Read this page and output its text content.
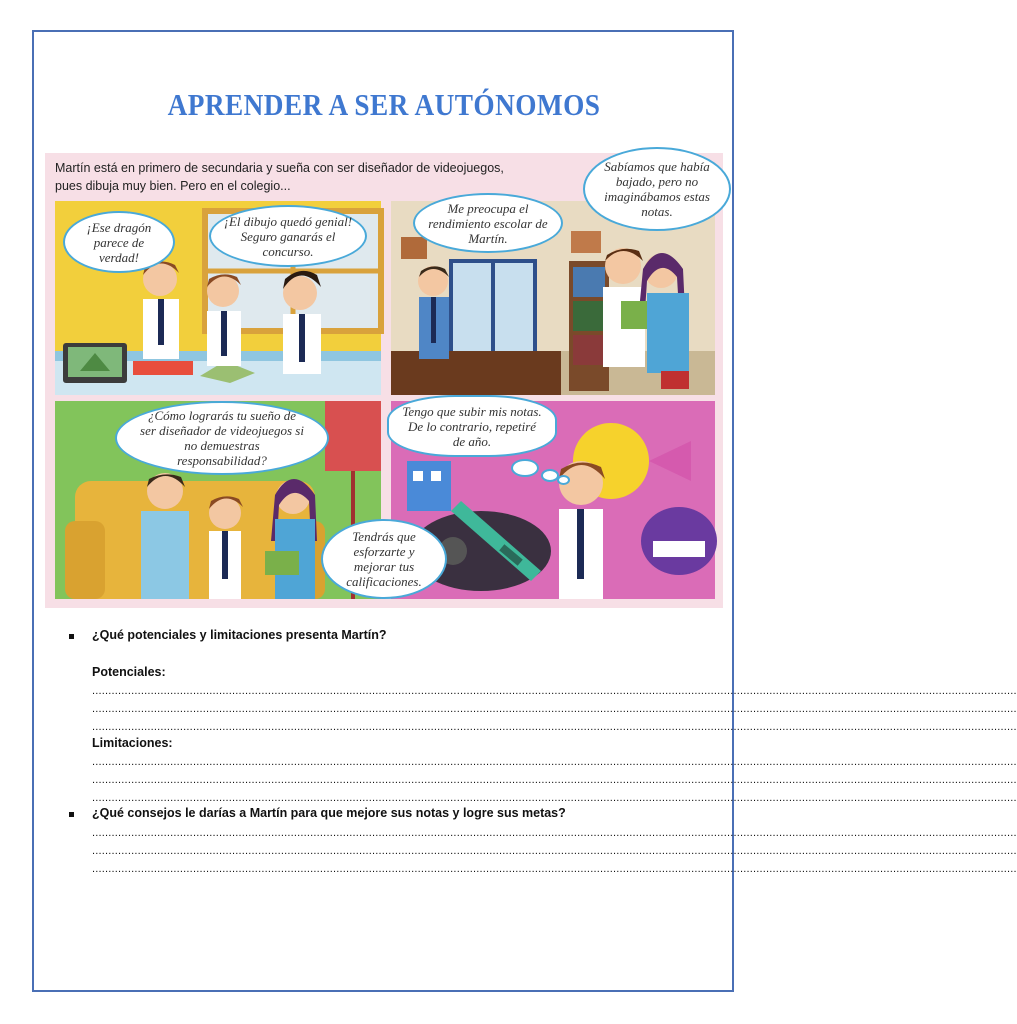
APRENDER A SER AUTÓNOMOS
Martín está en primero de secundaria y sueña con ser diseñador de videojuegos, pues dibuja muy bien. Pero en el colegio...
¡Ese dragón parece de verdad!
¡El dibujo quedó genial! Seguro ganarás el concurso.
Me preocupa el rendimiento escolar de Martín.
Sabíamos que había bajado, pero no imaginábamos estas notas.
¿Cómo lograrás tu sueño de ser diseñador de videojuegos si no demuestras responsabilidad?
Tendrás que esforzarte y mejorar tus calificaciones.
Tengo que subir mis notas. De lo contrario, repetiré de año.
¿Qué potenciales y limitaciones presenta Martín?
Potenciales:
............................................................................................................................................................................................................................................................................................
............................................................................................................................................................................................................................................................................................
............................................................................................................................................................................................................................................................................................
Limitaciones:
............................................................................................................................................................................................................................................................................................
............................................................................................................................................................................................................................................................................................
............................................................................................................................................................................................................................................................................................
¿Qué consejos le darías a Martín para que mejore sus notas y logre sus metas?
............................................................................................................................................................................................................................................................................................
............................................................................................................................................................................................................................................................................................
............................................................................................................................................................................................................................................................................................
